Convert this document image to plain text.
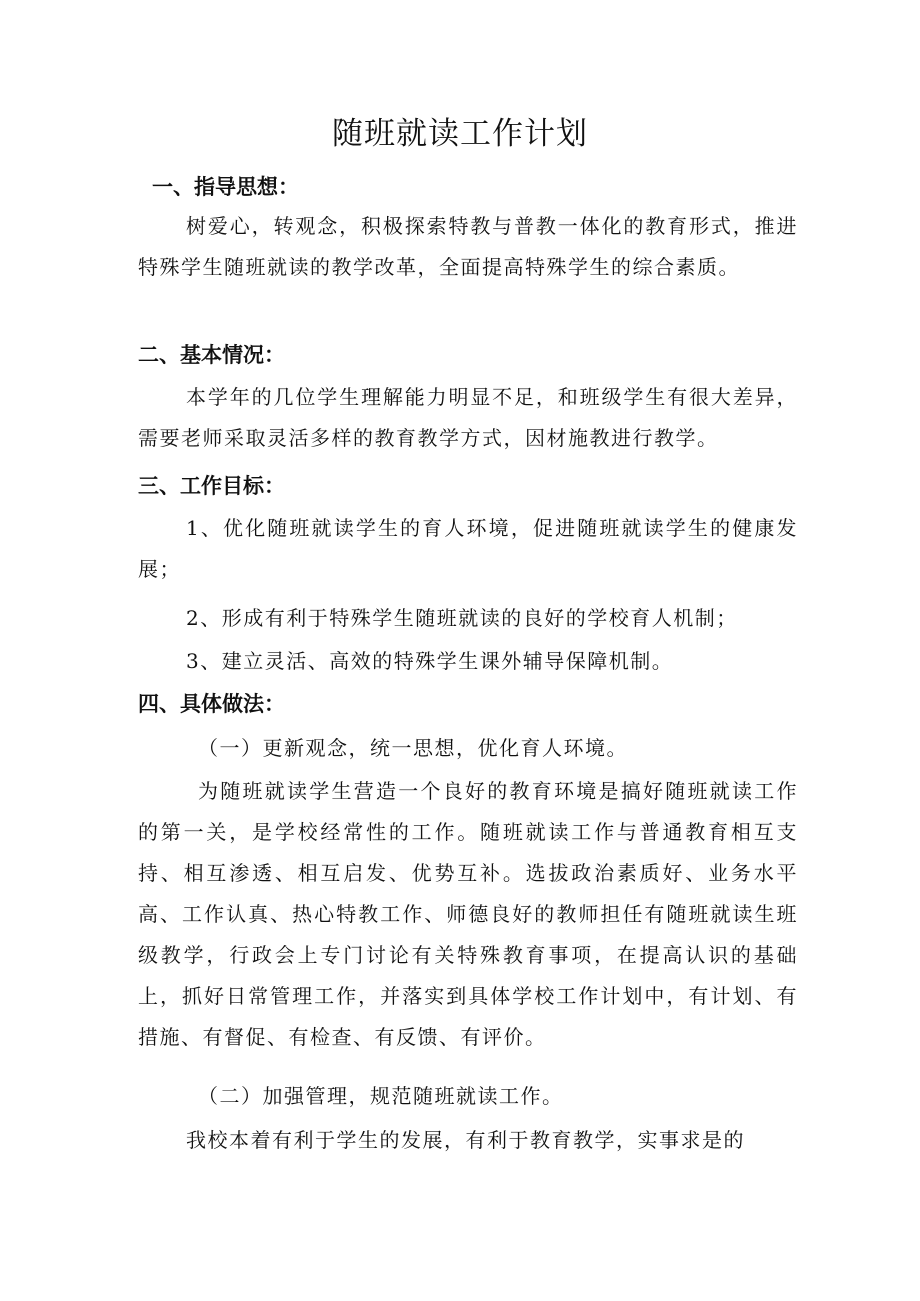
随班就读工作计划
一、指导思想：

树爱心，转观念，积极探索特教与普教一体化的教育形式，推进特殊学生随班就读的教学改革，全面提高特殊学生的综合素质。

二、基本情况：

本学年的几位学生理解能力明显不足，和班级学生有很大差异，需要老师采取灵活多样的教育教学方式，因材施教进行教学。

三、工作目标：

1、优化随班就读学生的育人环境，促进随班就读学生的健康发展；

2、形成有利于特殊学生随班就读的良好的学校育人机制；

3、建立灵活、高效的特殊学生课外辅导保障机制。

四、具体做法：

（一）更新观念，统一思想，优化育人环境。

为随班就读学生营造一个良好的教育环境是搞好随班就读工作的第一关，是学校经常性的工作。随班就读工作与普通教育相互支持、相互渗透、相互启发、优势互补。选拔政治素质好、业务水平高、工作认真、热心特教工作、师德良好的教师担任有随班就读生班级教学，行政会上专门讨论有关特殊教育事项，在提高认识的基础上，抓好日常管理工作，并落实到具体学校工作计划中，有计划、有措施、有督促、有检查、有反馈、有评价。

（二）加强管理，规范随班就读工作。

我校本着有利于学生的发展，有利于教育教学，实事求是的
